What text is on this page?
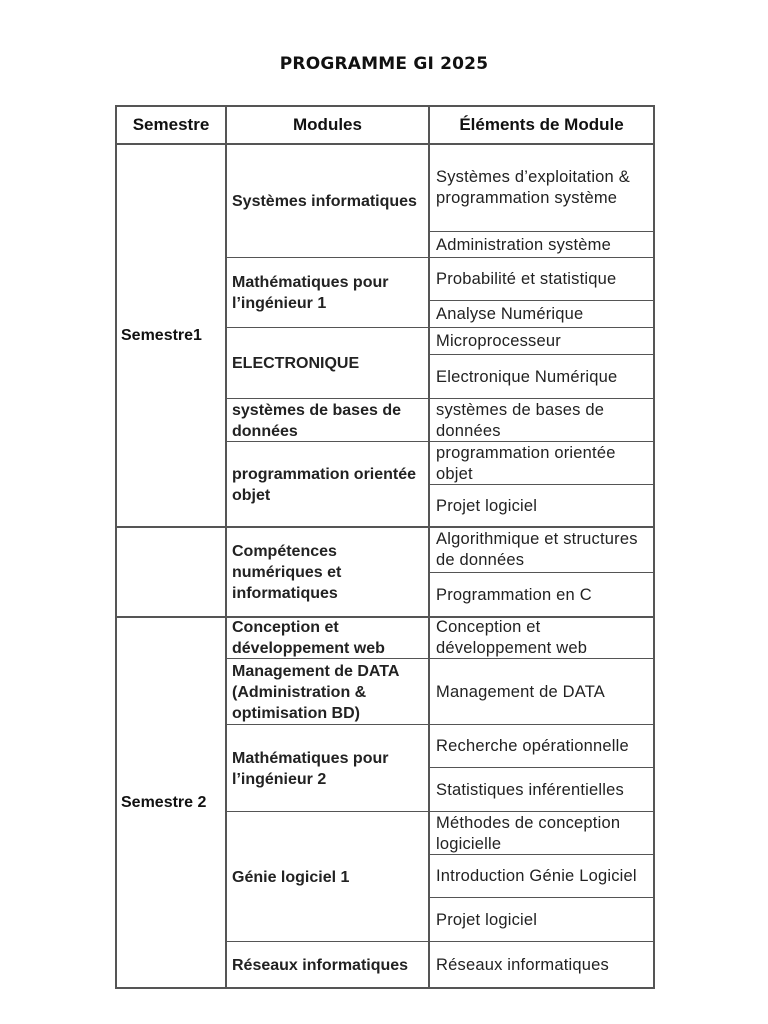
PROGRAMME GI 2025
Semestre	Modules	Éléments de Module
Semestre1
Semestre 2
Systèmes informatiques
Mathématiques pour l’ingénieur 1
ELECTRONIQUE
systèmes de bases de données
programmation orientée objet
Compétences numériques et informatiques
Conception et développement web
Management de DATA (Administration & optimisation BD)
Mathématiques pour l’ingénieur 2
Génie logiciel 1
Réseaux informatiques
Systèmes d’exploitation & programmation système
Administration système
Probabilité et statistique
Analyse Numérique
Microprocesseur
Electronique Numérique
systèmes de bases de données
programmation orientée objet
Projet logiciel
Algorithmique et structures de données
Programmation en C
Conception et développement web
Management de DATA
Recherche opérationnelle
Statistiques inférentielles
Méthodes de conception logicielle
Introduction Génie Logiciel
Projet logiciel
Réseaux informatiques
